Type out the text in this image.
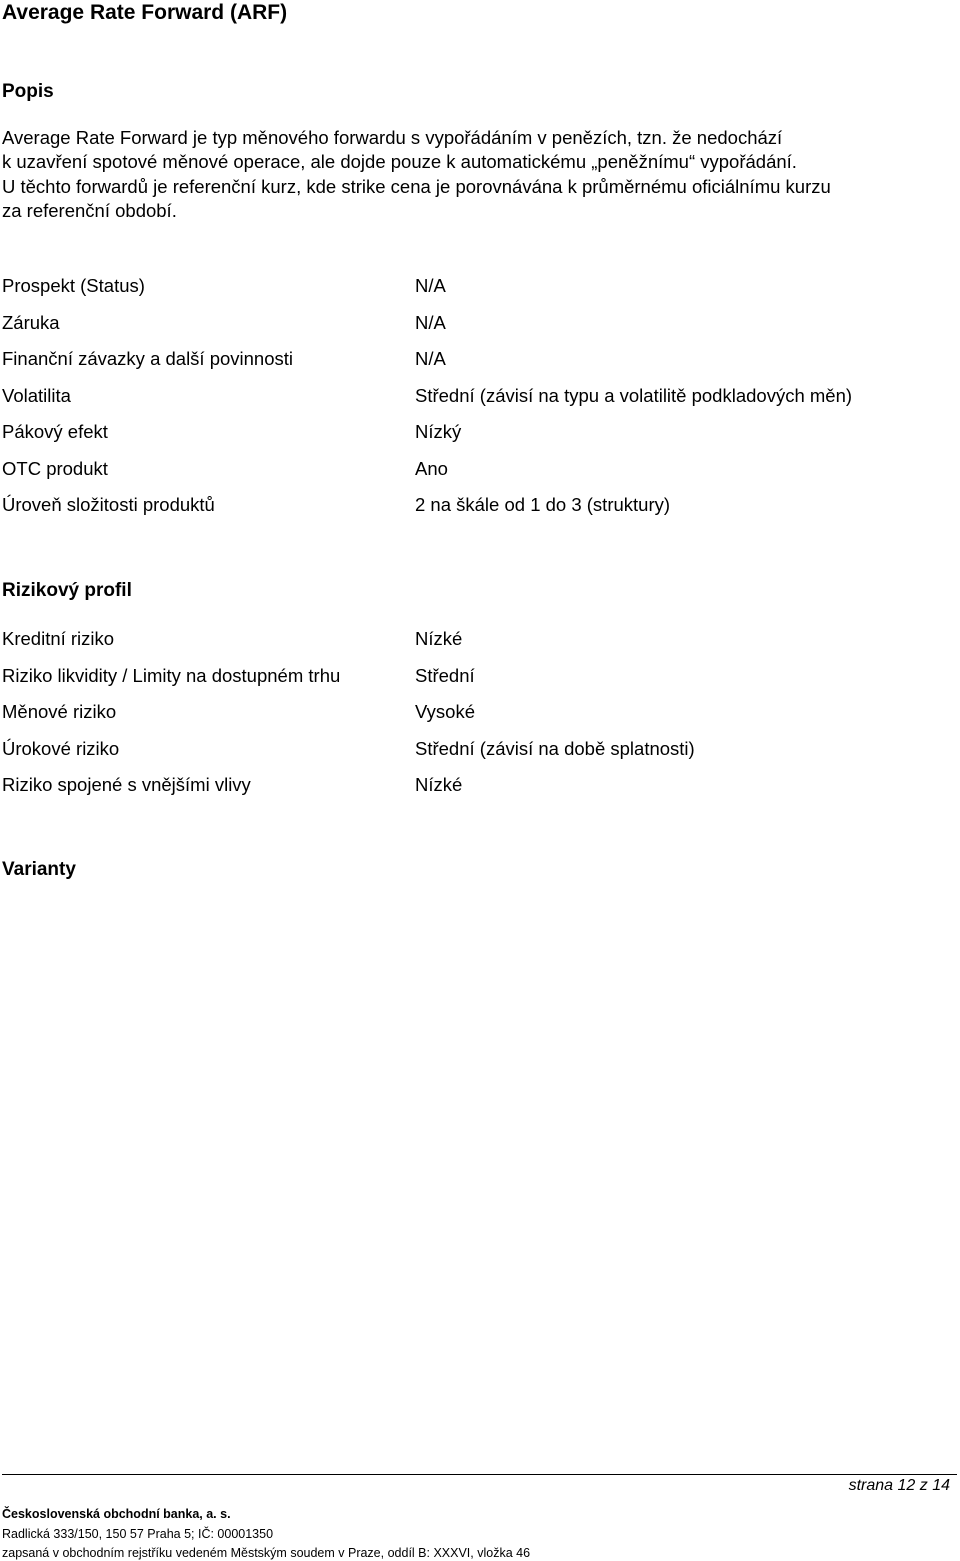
Average Rate Forward (ARF)
Popis
Average Rate Forward je typ měnového forwardu s vypořádáním v penězích, tzn. že nedochází
k uzavření spotové měnové operace, ale dojde pouze k automatickému „peněžnímu“ vypořádání.
U těchto forwardů je referenční kurz, kde strike cena je porovnávána k průměrnému oficiálnímu kurzu
za referenční období.
Prospekt (Status)	N/A
Záruka	N/A
Finanční závazky a další povinnosti	N/A
Volatilita	Střední (závisí na typu a volatilitě podkladových měn)
Pákový efekt	Nízký
OTC produkt	Ano
Úroveň složitosti produktů	2 na škále od 1 do 3 (struktury)
Rizikový profil
Kreditní riziko	Nízké
Riziko likvidity / Limity na dostupném trhu	Střední
Měnové riziko	Vysoké
Úrokové riziko	Střední (závisí na době splatnosti)
Riziko spojené s vnějšími vlivy	Nízké
Varianty
strana 12 z 14
Československá obchodní banka, a. s.
Radlická 333/150, 150 57 Praha 5; IČ: 00001350
zapsaná v obchodním rejstříku vedeném Městským soudem v Praze, oddíl B: XXXVI, vložka 46
